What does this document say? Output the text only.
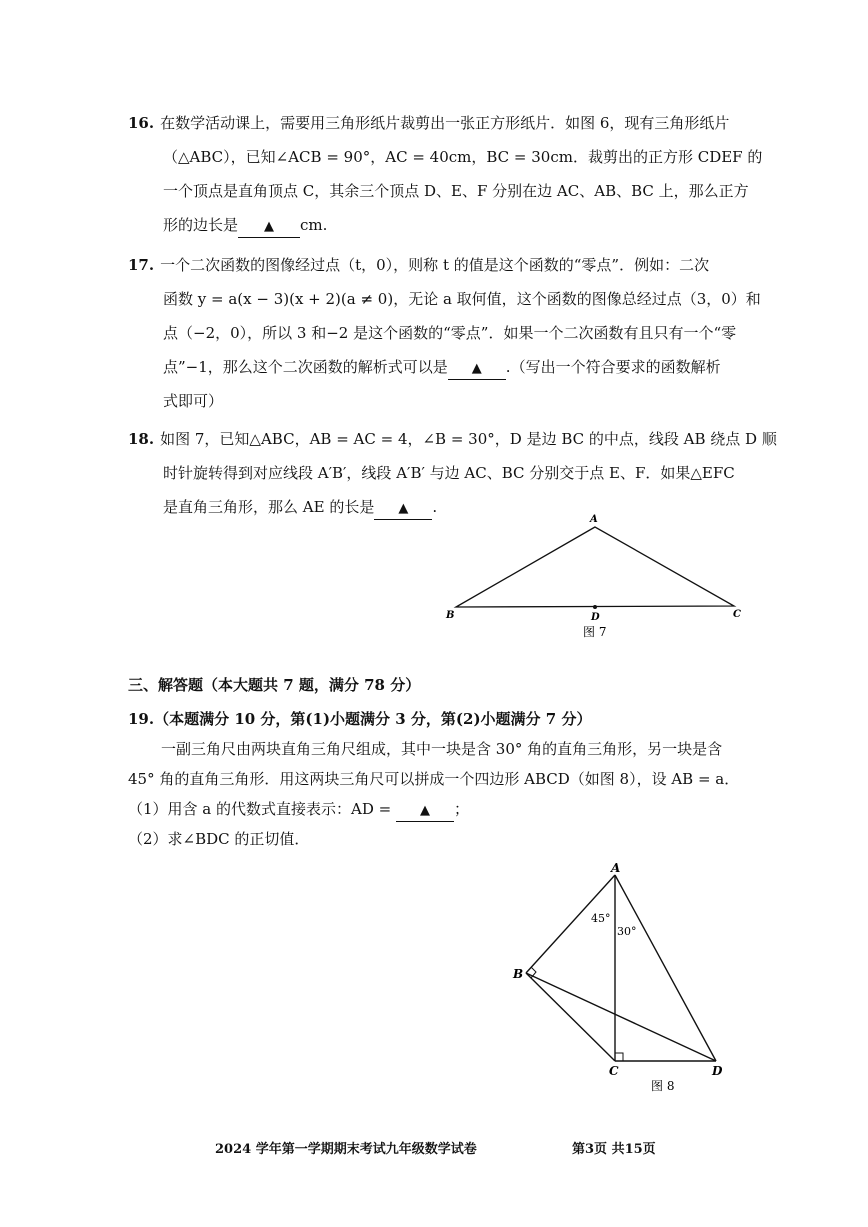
16. 在数学活动课上，需要用三角形纸片裁剪出一张正方形纸片．如图 6，现有三角形纸片
（△ABC），已知∠ACB = 90°，AC = 40cm，BC = 30cm．裁剪出的正方形 CDEF 的
一个顶点是直角顶点 C，其余三个顶点 D、E、F 分别在边 AC、AB、BC 上，那么正方
形的边长是 ▲ cm.
17. 一个二次函数的图像经过点（t，0），则称 t 的值是这个函数的“零点”．例如：二次
函数 y = a(x − 3)(x + 2)(a ≠ 0)，无论 a 取何值，这个函数的图像总经过点（3，0）和
点（−2，0），所以 3 和−2 是这个函数的“零点”．如果一个二次函数有且只有一个“零
点”−1，那么这个二次函数的解析式可以是 ▲ .（写出一个符合要求的函数解析
式即可）
18. 如图 7，已知△ABC，AB = AC = 4，∠B = 30°，D 是边 BC 的中点，线段 AB 绕点 D 顺
时针旋转得到对应线段 A′B′，线段 A′B′ 与边 AC、BC 分别交于点 E、F．如果△EFC
是直角三角形，那么 AE 的长是 ▲ .
A
B	C
D
图 7
三、解答题（本大题共 7 题，满分 78 分）
19.（本题满分 10 分，第(1)小题满分 3 分，第(2)小题满分 7 分）
一副三角尺由两块直角三角尺组成，其中一块是含 30° 角的直角三角形，另一块是含
45° 角的直角三角形．用这两块三角尺可以拼成一个四边形 ABCD（如图 8），设 AB = a．
（1）用含 a 的代数式直接表示：AD = ▲ ；
（2）求∠BDC 的正切值．
A
B
C	D
45°
30°
图 8
2024 学年第一学期期末考试九年级数学试卷	第3页 共15页
